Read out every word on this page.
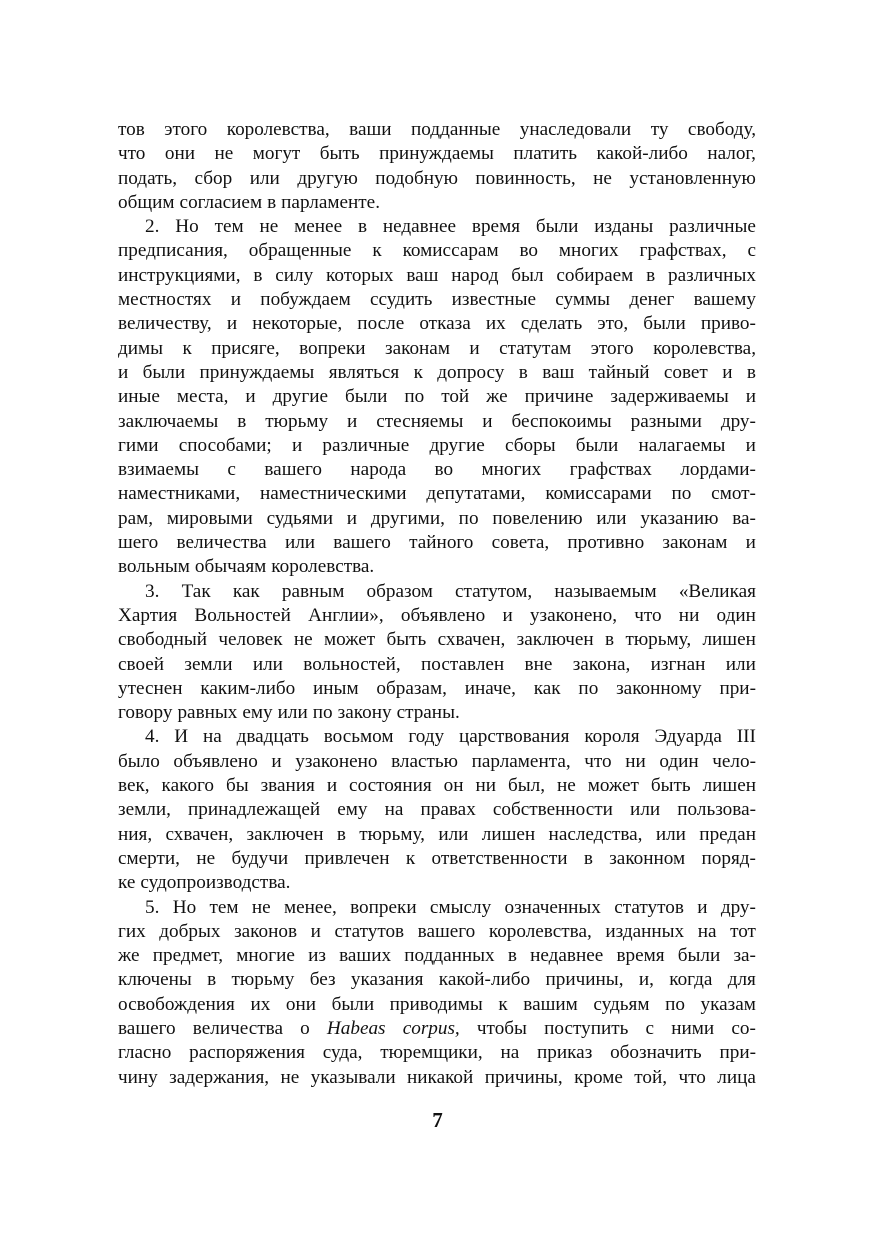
тов этого королевства, ваши подданные унаследовали ту свободу,
что они не могут быть принуждаемы платить какой-либо налог,
подать, сбор или другую подобную повинность, не установленную
общим согласием в парламенте.
2. Но тем не менее в недавнее время были изданы различные
предписания, обращенные к комиссарам во многих графствах, с
инструкциями, в силу которых ваш народ был собираем в различных
местностях и побуждаем ссудить известные суммы денег вашему
величеству, и некоторые, после отказа их сделать это, были приво-
димы к присяге, вопреки законам и статутам этого королевства,
и были принуждаемы являться к допросу в ваш тайный совет и в
иные места, и другие были по той же причине задерживаемы и
заключаемы в тюрьму и стесняемы и беспокоимы разными дру-
гими способами; и различные другие сборы были налагаемы и
взимаемы с вашего народа во многих графствах лордами-
наместниками, наместническими депутатами, комиссарами по смот-
рам, мировыми судьями и другими, по повелению или указанию ва-
шего величества или вашего тайного совета, противно законам и
вольным обычаям королевства.
3. Так как равным образом статутом, называемым «Великая
Хартия Вольностей Англии», объявлено и узаконено, что ни один
свободный человек не может быть схвачен, заключен в тюрьму, лишен
своей земли или вольностей, поставлен вне закона, изгнан или
утеснен каким-либо иным образам, иначе, как по законному при-
говору равных ему или по закону страны.
4. И на двадцать восьмом году царствования короля Эдуарда III
было объявлено и узаконено властью парламента, что ни один чело-
век, какого бы звания и состояния он ни был, не может быть лишен
земли, принадлежащей ему на правах собственности или пользова-
ния, схвачен, заключен в тюрьму, или лишен наследства, или предан
смерти, не будучи привлечен к ответственности в законном поряд-
ке судопроизводства.
5. Но тем не менее, вопреки смыслу означенных статутов и дру-
гих добрых законов и статутов вашего королевства, изданных на тот
же предмет, многие из ваших подданных в недавнее время были за-
ключены в тюрьму без указания какой-либо причины, и, когда для
освобождения их они были приводимы к вашим судьям по указам
вашего величества о Habeas corpus, чтобы поступить с ними со-
гласно распоряжения суда, тюремщики, на приказ обозначить при-
чину задержания, не указывали никакой причины, кроме той, что лица
7
